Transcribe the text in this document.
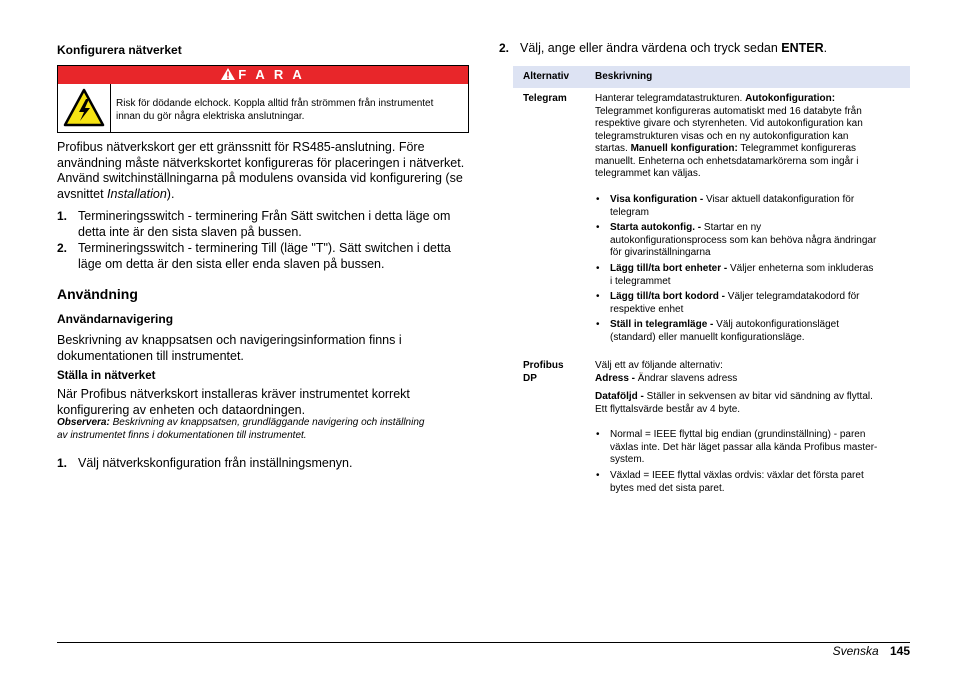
Konfigurera nätverket
F A R A
Risk för dödande elchock. Koppla alltid från strömmen från instrumentet
innan du gör några elektriska anslutningar.
Profibus nätverkskort ger ett gränssnitt för RS485-anslutning. Före
användning måste nätverkskortet konfigureras för placeringen i nätverket.
Använd switchinställningarna på modulens ovansida vid konfigurering (se
avsnittet Installation).
1. Termineringsswitch - terminering Från Sätt switchen i detta läge om
detta inte är den sista slaven på bussen.
2. Termineringsswitch - terminering Till (läge "T"). Sätt switchen i detta
läge om detta är den sista eller enda slaven på bussen.
Användning
Användarnavigering
Beskrivning av knappsatsen och navigeringsinformation finns i
dokumentationen till instrumentet.
Ställa in nätverket
När Profibus nätverkskort installeras kräver instrumentet korrekt
konfigurering av enheten och dataordningen.
Observera: Beskrivning av knappsatsen, grundläggande navigering och inställning
av instrumentet finns i dokumentationen till instrumentet.
1. Välj nätverkskonfiguration från inställningsmenyn.
2. Välj, ange eller ändra värdena och tryck sedan ENTER.
Alternativ	Beskrivning
Telegram	Hanterar telegramdatastrukturen. Autokonfiguration:
Telegrammet konfigureras automatiskt med 16 databyte från
respektive givare och styrenheten. Vid autokonfiguration kan
telegramstrukturen visas och en ny autokonfiguration kan
startas. Manuell konfiguration: Telegrammet konfigureras
manuellt. Enheterna och enhetsdatamarkörerna som ingår i
telegrammet kan väljas.
• Visa konfiguration - Visar aktuell datakonfiguration för
telegram
• Starta autokonfig. - Startar en ny
autokonfigurationsprocess som kan behöva några ändringar
för givarinställningarna
• Lägg till/ta bort enheter - Väljer enheterna som inkluderas
i telegrammet
• Lägg till/ta bort kodord - Väljer telegramdatakodord för
respektive enhet
• Ställ in telegramläge - Välj autokonfigurationsläget
(standard) eller manuellt konfigurationsläge.
Profibus
DP
Välj ett av följande alternativ:
Adress - Ändrar slavens adress
Dataföljd - Ställer in sekvensen av bitar vid sändning av flyttal.
Ett flyttalsvärde består av 4 byte.
• Normal = IEEE flyttal big endian (grundinställning) - paren
växlas inte. Det här läget passar alla kända Profibus master-
system.
• Växlad = IEEE flyttal växlas ordvis: växlar det första paret
bytes med det sista paret.
Svenska 145
